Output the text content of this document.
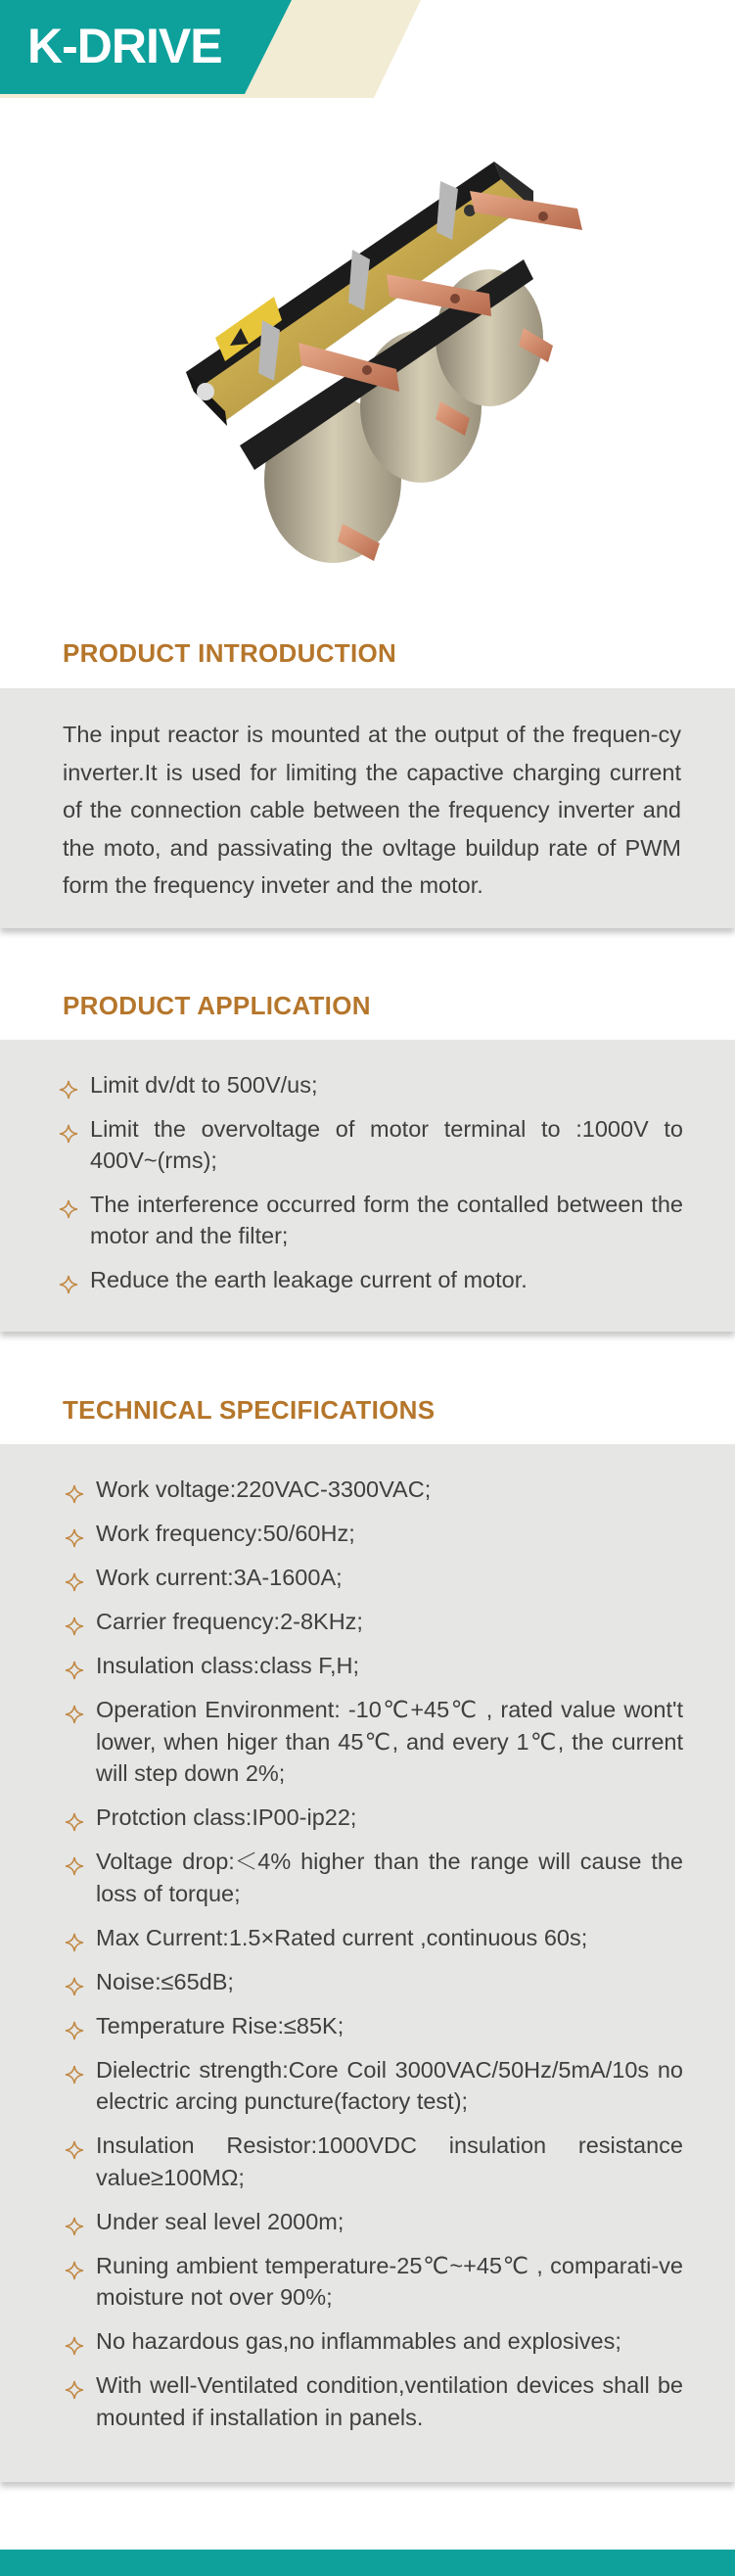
K-DRIVE
PRODUCT INTRODUCTION
The input reactor is mounted at the output of the frequen-cy inverter.It is used for limiting the capactive charging current of the connection cable between the frequency inverter and the moto, and passivating the ovltage buildup rate of PWM form the frequency inveter and the motor.
PRODUCT APPLICATION
Limit dv/dt to 500V/us;
Limit the overvoltage of motor terminal to :1000V to 400V~(rms);
The interference occurred form the contalled between the motor and the filter;
Reduce the earth leakage current of motor.
TECHNICAL SPECIFICATIONS
Work voltage:220VAC-3300VAC;
Work frequency:50/60Hz;
Work current:3A-1600A;
Carrier frequency:2-8KHz;
Insulation class:class F,H;
Operation Environment: -10℃+45℃ , rated value wont't lower, when higer than 45℃, and every 1℃, the current will step down 2%;
Protction class:IP00-ip22;
Voltage drop:＜4% higher than the range will cause the loss of torque;
Max Current:1.5×Rated current ,continuous 60s;
Noise:≤65dB;
Temperature Rise:≤85K;
Dielectric strength:Core Coil 3000VAC/50Hz/5mA/10s no electric arcing puncture(factory test);
Insulation Resistor:1000VDC insulation resistance value≥100MΩ;
Under seal level 2000m;
Runing ambient temperature-25℃~+45℃ , comparati-ve moisture not over 90%;
No hazardous gas,no inflammables and explosives;
With well-Ventilated condition,ventilation devices shall be mounted if installation in panels.
